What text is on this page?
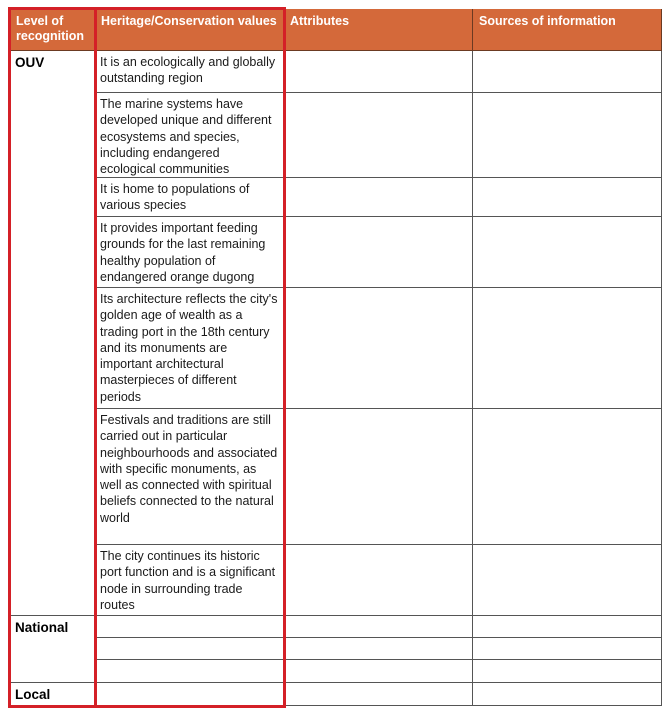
Level of recognition
Heritage/Conservation values	Attributes	Sources of information
OUV
National
Local
It is an ecologically and globally outstanding region
The marine systems have developed unique and different ecosystems and species, including endangered ecological communities
It is home to populations of various species
It provides important feeding grounds for the last remaining healthy population of endangered orange dugong
Its architecture reflects the city's golden age of wealth as a trading port in the 18th century and its monuments are important architectural masterpieces of different periods
Festivals and traditions are still carried out in particular neighbourhoods and associated with specific monuments, as well as connected with spiritual beliefs connected to the natural world
The city continues its historic port function and is a significant node in surrounding trade routes
